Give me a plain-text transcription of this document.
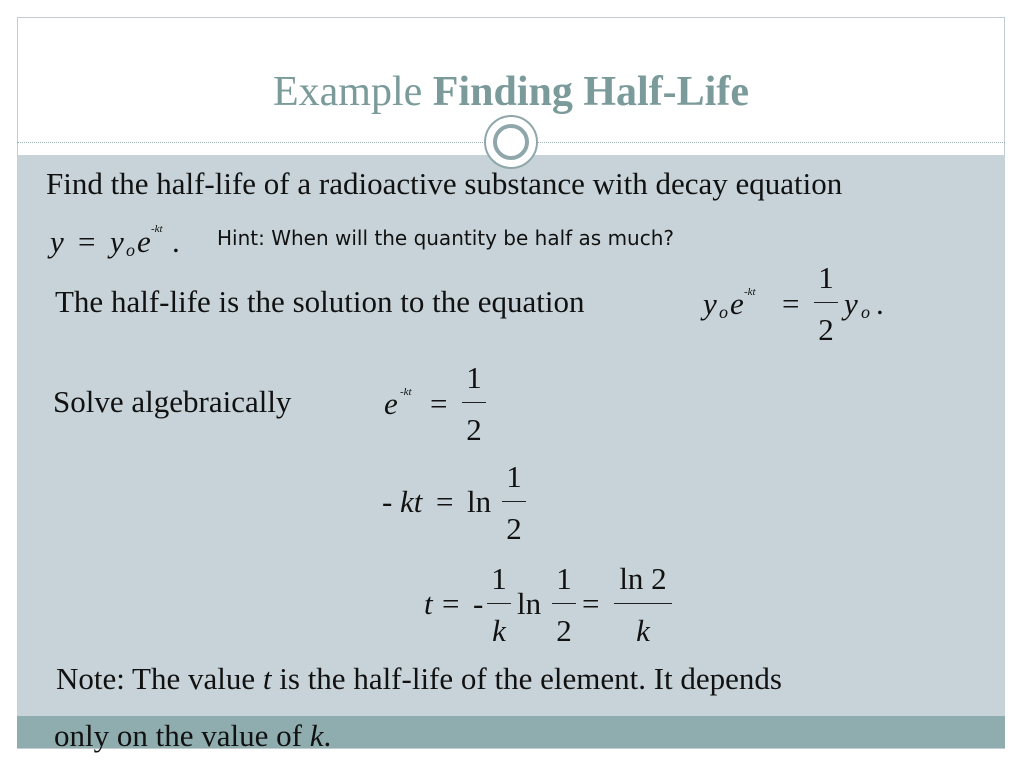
Example Finding Half-Life
Find the half-life of a radioactive substance with decay equation
y = y o e -kt . Hint: When will the quantity be half as much?
The half-life is the solution to the equation	y o e -kt =
1
2
y o .
Solve algebraically	e -kt =
1
2
- kt = ln
1
2
t = -
1
k
ln
1
2
=
ln 2
k
Note: The value t is the half-life of the element. It depends
only on the value of k.
